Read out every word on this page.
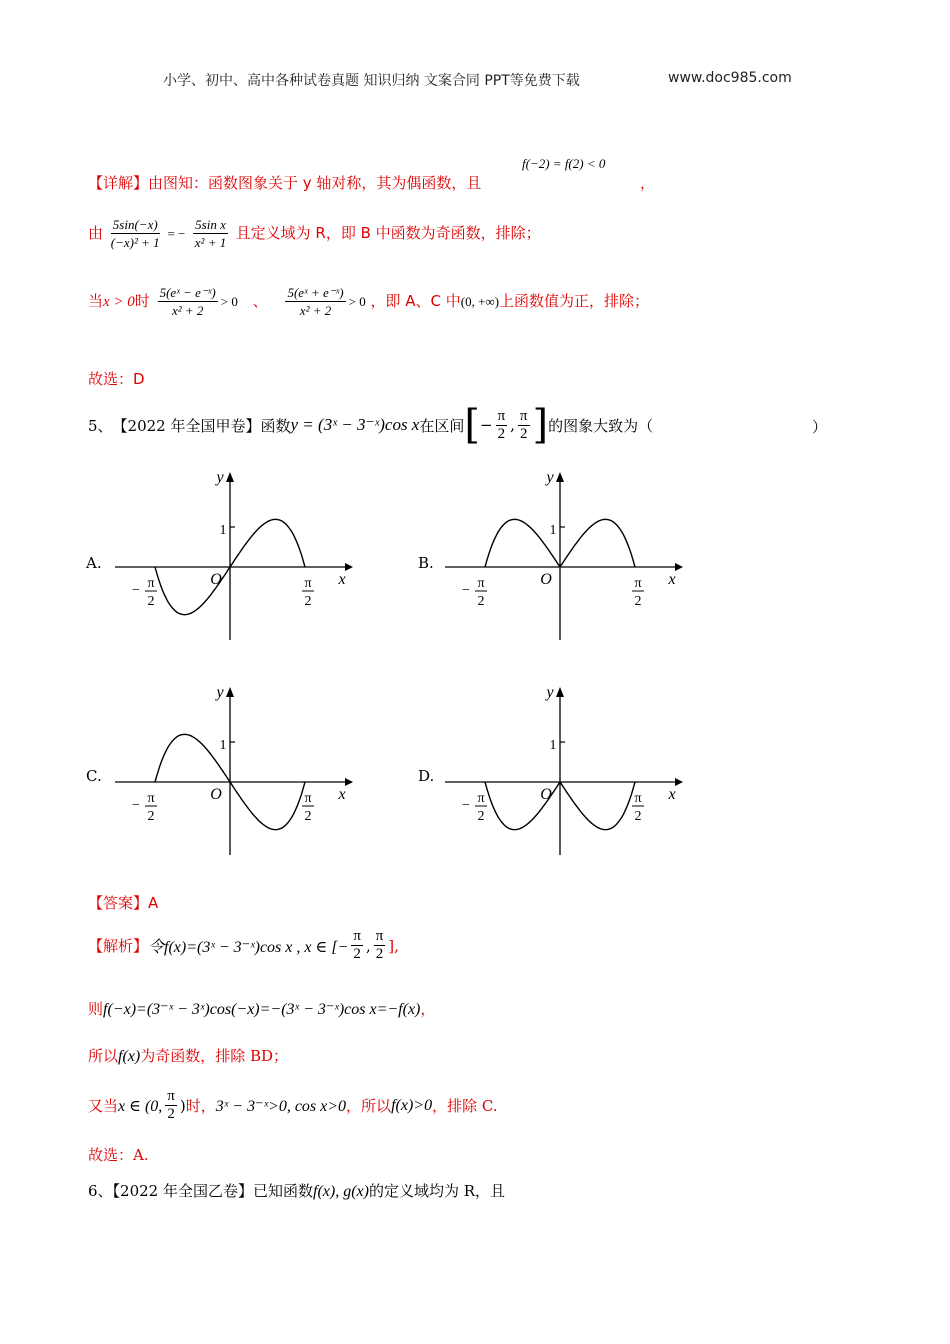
小学、初中、高中各种试卷真题 知识归纳 文案合同 PPT等免费下载	www.doc985.com
【详解】由图知：函数图象关于 y 轴对称，其为偶函数，且
f(−2) = f(2) < 0
，
由 $\frac{5\sin(-x)}{\text{(−x)² + 1}}$ = − $\frac{\text{5sin x}}{\text{x² + 1}}$ 且定义域为 R，即 B 中函数为奇函数，排除；
当x > 0时 $\frac{\text{5(eˣ − e⁻ˣ)}}{\text{x² + 2}} > 0$ 、 $\frac{\text{5(eˣ + e⁻ˣ)}}{\text{x² + 2}} > 0$ ，即 A、C 中(0, +∞)上函数值为正，排除；
故选：D
5、 【2022 年全国甲卷】 函数 y = (3ˣ − 3⁻ˣ)cos x 在区间 [ − $\frac{\pi}{2}$ , $\frac{\pi}{2}$ ] 的图象大致为（	）
A.
y
x
O
1
− π
2
π
2
B.
y
x
O
1
− π
2
π
2
C.
y
x
O
1
− π
2
π
2
D.
y
x
O
1
− π
2
π
2
【答案】A
【解析】 令f(x)=(3ˣ − 3⁻ˣ)cos x , x ∈ [− $\frac{\pi}{2}$ , $\frac{\pi}{2}$ ],
则f(−x)=(3⁻ˣ − 3ˣ)cos(−x)=−(3ˣ − 3⁻ˣ)cos x=−f(x)，
所以f(x)为奇函数，排除 BD；
又当 x ∈ (0, $\frac{\pi}{2}$ ) 时， 3ˣ − 3⁻ˣ>0, cos x>0 ，所以 f(x)>0 ，排除 C.
故选：A.
6、【2022 年全国乙卷】已知函数f(x), g(x)的定义域均为 R，且
